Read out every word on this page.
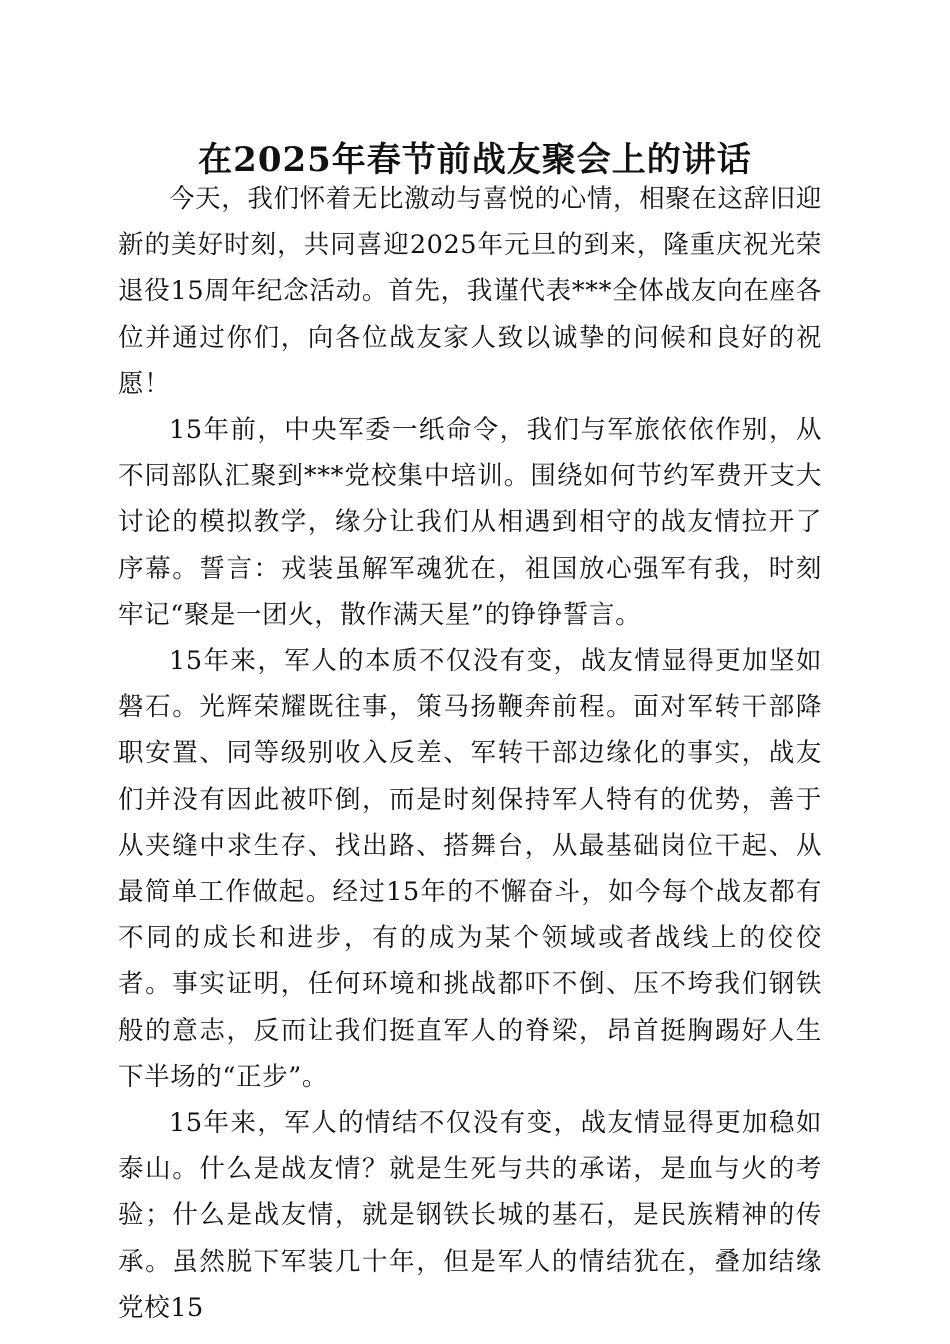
在2025年春节前战友聚会上的讲话

今天，我们怀着无比激动与喜悦的心情，相聚在这辞旧迎新的美好时刻，共同喜迎2025年元旦的到来，隆重庆祝光荣退役15周年纪念活动。首先，我谨代表***全体战友向在座各位并通过你们，向各位战友家人致以诚挚的问候和良好的祝愿！

15年前，中央军委一纸命令，我们与军旅依依作别，从不同部队汇聚到***党校集中培训。围绕如何节约军费开支大讨论的模拟教学，缘分让我们从相遇到相守的战友情拉开了序幕。誓言：戎装虽解军魂犹在，祖国放心强军有我，时刻牢记“聚是一团火，散作满天星”的铮铮誓言。

15年来，军人的本质不仅没有变，战友情显得更加坚如磐石。光辉荣耀既往事，策马扬鞭奔前程。面对军转干部降职安置、同等级别收入反差、军转干部边缘化的事实，战友们并没有因此被吓倒，而是时刻保持军人特有的优势，善于从夹缝中求生存、找出路、搭舞台，从最基础岗位干起、从最简单工作做起。经过15年的不懈奋斗，如今每个战友都有不同的成长和进步，有的成为某个领域或者战线上的佼佼者。事实证明，任何环境和挑战都吓不倒、压不垮我们钢铁般的意志，反而让我们挺直军人的脊梁，昂首挺胸踢好人生下半场的“正步”。

15年来，军人的情结不仅没有变，战友情显得更加稳如泰山。什么是战友情？就是生死与共的承诺，是血与火的考验；什么是战友情，就是钢铁长城的基石，是民族精神的传承。虽然脱下军装几十年，但是军人的情结犹在，叠加结缘党校15
